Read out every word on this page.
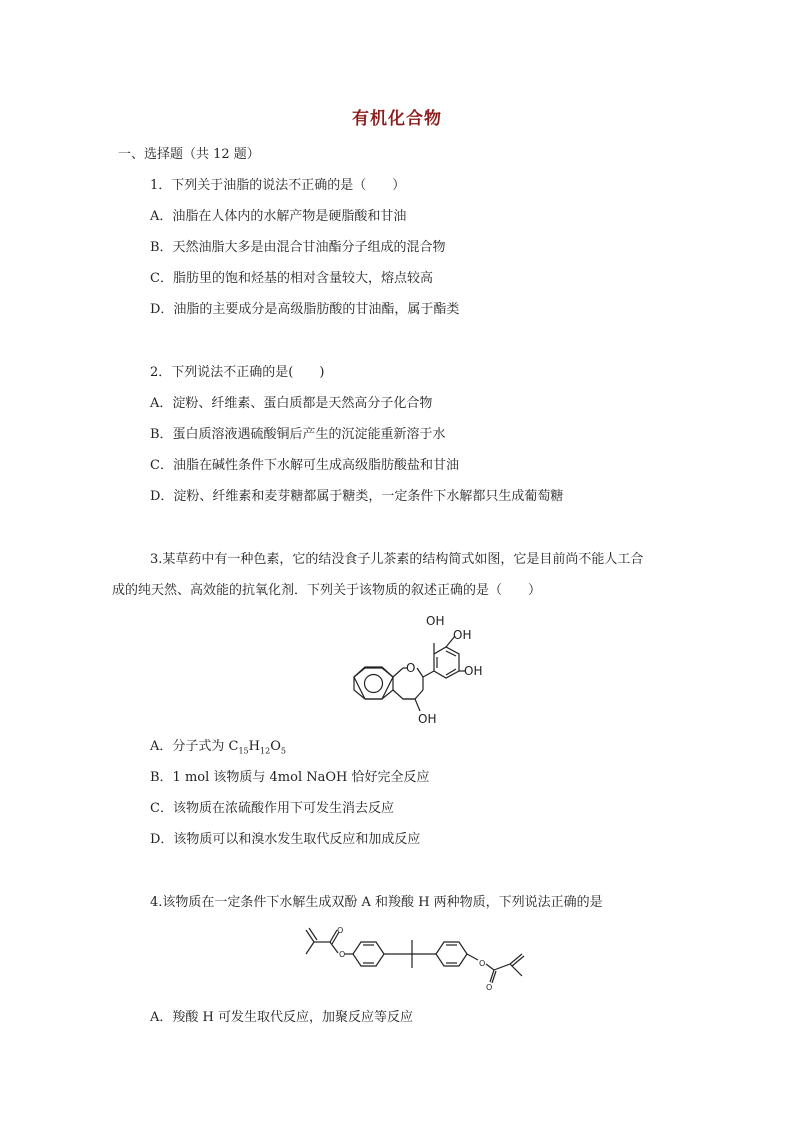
有机化合物
一、选择题（共 12 题）
1．下列关于油脂的说法不正确的是（　　）
A．油脂在人体内的水解产物是硬脂酸和甘油
B．天然油脂大多是由混合甘油酯分子组成的混合物
C．脂肪里的饱和烃基的相对含量较大，熔点较高
D．油脂的主要成分是高级脂肪酸的甘油酯，属于酯类
2．下列说法不正确的是(　　)
A．淀粉、纤维素、蛋白质都是天然高分子化合物
B．蛋白质溶液遇硫酸铜后产生的沉淀能重新溶于水
C．油脂在碱性条件下水解可生成高级脂肪酸盐和甘油
D．淀粉、纤维素和麦芽糖都属于糖类，一定条件下水解都只生成葡萄糖
3.某草药中有一种色素，它的结没食子儿茶素的结构简式如图，它是目前尚不能人工合
成的纯天然、高效能的抗氧化剂．下列关于该物质的叙述正确的是（　　）
OH
OH
OH
O
OH
A．分子式为 $C_{15}H_{12}O_5$
B．1 mol 该物质与 4mol NaOH 恰好完全反应
C．该物质在浓硫酸作用下可发生消去反应
D．该物质可以和溴水发生取代反应和加成反应
4.该物质在一定条件下水解生成双酚 A 和羧酸 H 两种物质，下列说法正确的是
O
O
O
O
A．羧酸 H 可发生取代反应，加聚反应等反应
